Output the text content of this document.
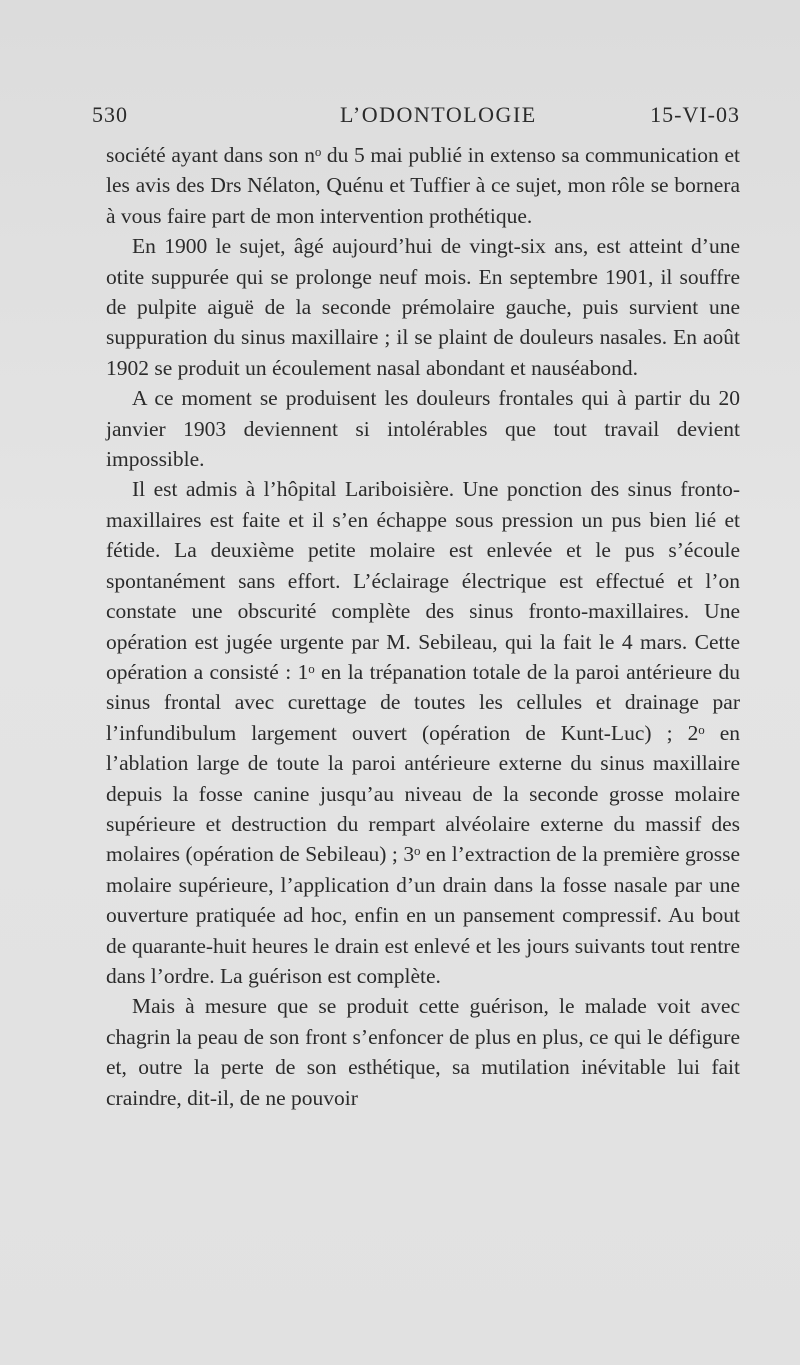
530	L’ODONTOLOGIE	15-VI-03

société ayant dans son nᵒ du 5 mai publié in extenso sa communication et les avis des Drs Nélaton, Quénu et Tuffier à ce sujet, mon rôle se bornera à vous faire part de mon intervention prothétique.

En 1900 le sujet, âgé aujourd’hui de vingt-six ans, est atteint d’une otite suppurée qui se prolonge neuf mois. En septembre 1901, il souffre de pulpite aiguë de la seconde prémolaire gauche, puis survient une suppuration du sinus maxillaire ; il se plaint de douleurs nasales. En août 1902 se produit un écoulement nasal abondant et nauséabond.

A ce moment se produisent les douleurs frontales qui à partir du 20 janvier 1903 deviennent si intolérables que tout travail devient impossible.

Il est admis à l’hôpital Lariboisière. Une ponction des sinus fronto-maxillaires est faite et il s’en échappe sous pression un pus bien lié et fétide. La deuxième petite molaire est enlevée et le pus s’écoule spontanément sans effort. L’éclairage électrique est effectué et l’on constate une obscurité complète des sinus fronto-maxillaires. Une opération est jugée urgente par M. Sebileau, qui la fait le 4 mars. Cette opération a consisté : 1ᵒ en la trépanation totale de la paroi antérieure du sinus frontal avec curettage de toutes les cellules et drainage par l’infundibulum largement ouvert (opération de Kunt-Luc) ; 2ᵒ en l’ablation large de toute la paroi antérieure externe du sinus maxillaire depuis la fosse canine jusqu’au niveau de la seconde grosse molaire supérieure et destruction du rempart alvéolaire externe du massif des molaires (opération de Sebileau) ; 3ᵒ en l’extraction de la première grosse molaire supérieure, l’application d’un drain dans la fosse nasale par une ouverture pratiquée ad hoc, enfin en un pansement compressif. Au bout de quarante-huit heures le drain est enlevé et les jours suivants tout rentre dans l’ordre. La guérison est complète.

Mais à mesure que se produit cette guérison, le malade voit avec chagrin la peau de son front s’enfoncer de plus en plus, ce qui le défigure et, outre la perte de son esthétique, sa mutilation inévitable lui fait craindre, dit-il, de ne pouvoir
